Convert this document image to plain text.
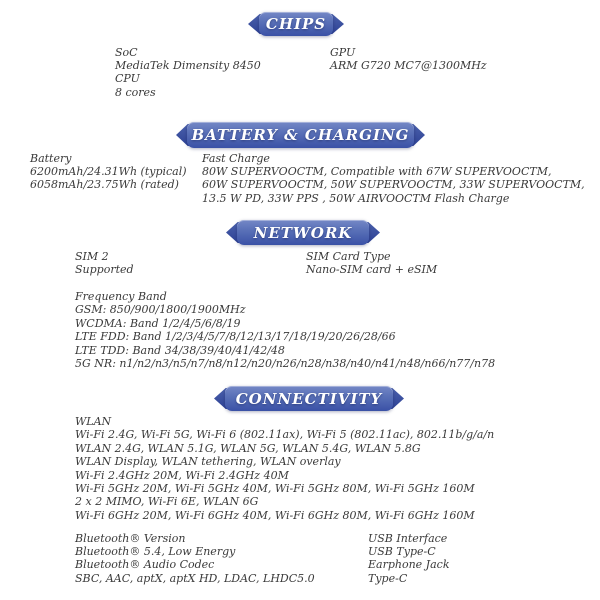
CHIPS
SoC
MediaTek Dimensity 8450
CPU
8 cores
GPU
ARM G720 MC7@1300MHz
BATTERY & CHARGING
Battery
6200mAh/24.31Wh (typical)
6058mAh/23.75Wh (rated)
Fast Charge
80W SUPERVOOCTM, Compatible with 67W SUPERVOOCTM,
60W SUPERVOOCTM, 50W SUPERVOOCTM, 33W SUPERVOOCTM,
13.5 W PD, 33W PPS , 50W AIRVOOCTM Flash Charge
NETWORK
SIM 2
Supported
SIM Card Type
Nano-SIM card + eSIM
Frequency Band
GSM: 850/900/1800/1900MHz
WCDMA: Band 1/2/4/5/6/8/19
LTE FDD: Band 1/2/3/4/5/7/8/12/13/17/18/19/20/26/28/66
LTE TDD: Band 34/38/39/40/41/42/48
5G NR: n1/n2/n3/n5/n7/n8/n12/n20/n26/n28/n38/n40/n41/n48/n66/n77/n78
CONNECTIVITY
WLAN
Wi-Fi 2.4G, Wi-Fi 5G, Wi-Fi 6 (802.11ax), Wi-Fi 5 (802.11ac), 802.11b/g/a/n
WLAN 2.4G, WLAN 5.1G, WLAN 5G, WLAN 5.4G, WLAN 5.8G
WLAN Display, WLAN tethering, WLAN overlay
Wi-Fi 2.4GHz 20M, Wi-Fi 2.4GHz 40M
Wi-Fi 5GHz 20M, Wi-Fi 5GHz 40M, Wi-Fi 5GHz 80M, Wi-Fi 5GHz 160M
2 x 2 MIMO, Wi-Fi 6E, WLAN 6G
Wi-Fi 6GHz 20M, Wi-Fi 6GHz 40M, Wi-Fi 6GHz 80M, Wi-Fi 6GHz 160M
Bluetooth® Version
Bluetooth® 5.4, Low Energy
Bluetooth® Audio Codec
SBC, AAC, aptX, aptX HD, LDAC, LHDC5.0
USB Interface
USB Type-C
Earphone Jack
Type-C
